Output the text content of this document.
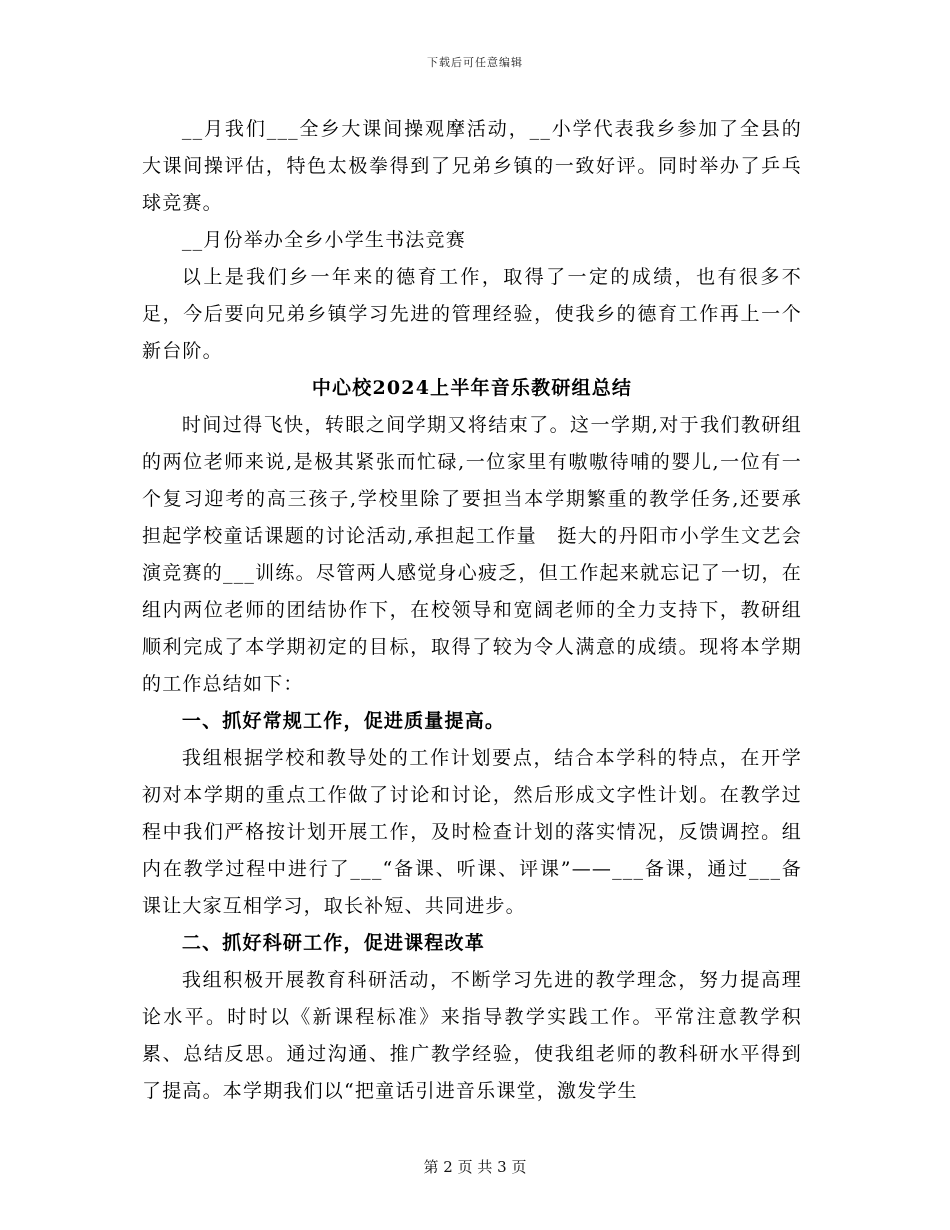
下载后可任意编辑

__月我们___全乡大课间操观摩活动，__小学代表我乡参加了全县的大课间操评估，特色太极拳得到了兄弟乡镇的一致好评。同时举办了乒乓球竞赛。

__月份举办全乡小学生书法竞赛

以上是我们乡一年来的德育工作，取得了一定的成绩，也有很多不足，今后要向兄弟乡镇学习先进的管理经验，使我乡的德育工作再上一个新台阶。

中心校2024上半年音乐教研组总结

时间过得飞快，转眼之间学期又将结束了。这一学期,对于我们教研组的两位老师来说,是极其紧张而忙碌,一位家里有嗷嗷待哺的婴儿,一位有一个复习迎考的高三孩子,学校里除了要担当本学期繁重的教学任务,还要承担起学校童话课题的讨论活动,承担起工作量　挺大的丹阳市小学生文艺会演竞赛的___训练。尽管两人感觉身心疲乏，但工作起来就忘记了一切，在组内两位老师的团结协作下，在校领导和宽阔老师的全力支持下，教研组顺利完成了本学期初定的目标，取得了较为令人满意的成绩。现将本学期的工作总结如下：

一、抓好常规工作，促进质量提高。

我组根据学校和教导处的工作计划要点，结合本学科的特点，在开学初对本学期的重点工作做了讨论和讨论，然后形成文字性计划。在教学过程中我们严格按计划开展工作，及时检查计划的落实情况，反馈调控。组内在教学过程中进行了___“备课、听课、评课”——___备课，通过___备课让大家互相学习，取长补短、共同进步。

二、抓好科研工作，促进课程改革

我组积极开展教育科研活动，不断学习先进的教学理念，努力提高理论水平。时时以《新课程标准》来指导教学实践工作。平常注意教学积累、总结反思。通过沟通、推广教学经验，使我组老师的教科研水平得到了提高。本学期我们以“把童话引进音乐课堂，激发学生

第 2 页 共 3 页
